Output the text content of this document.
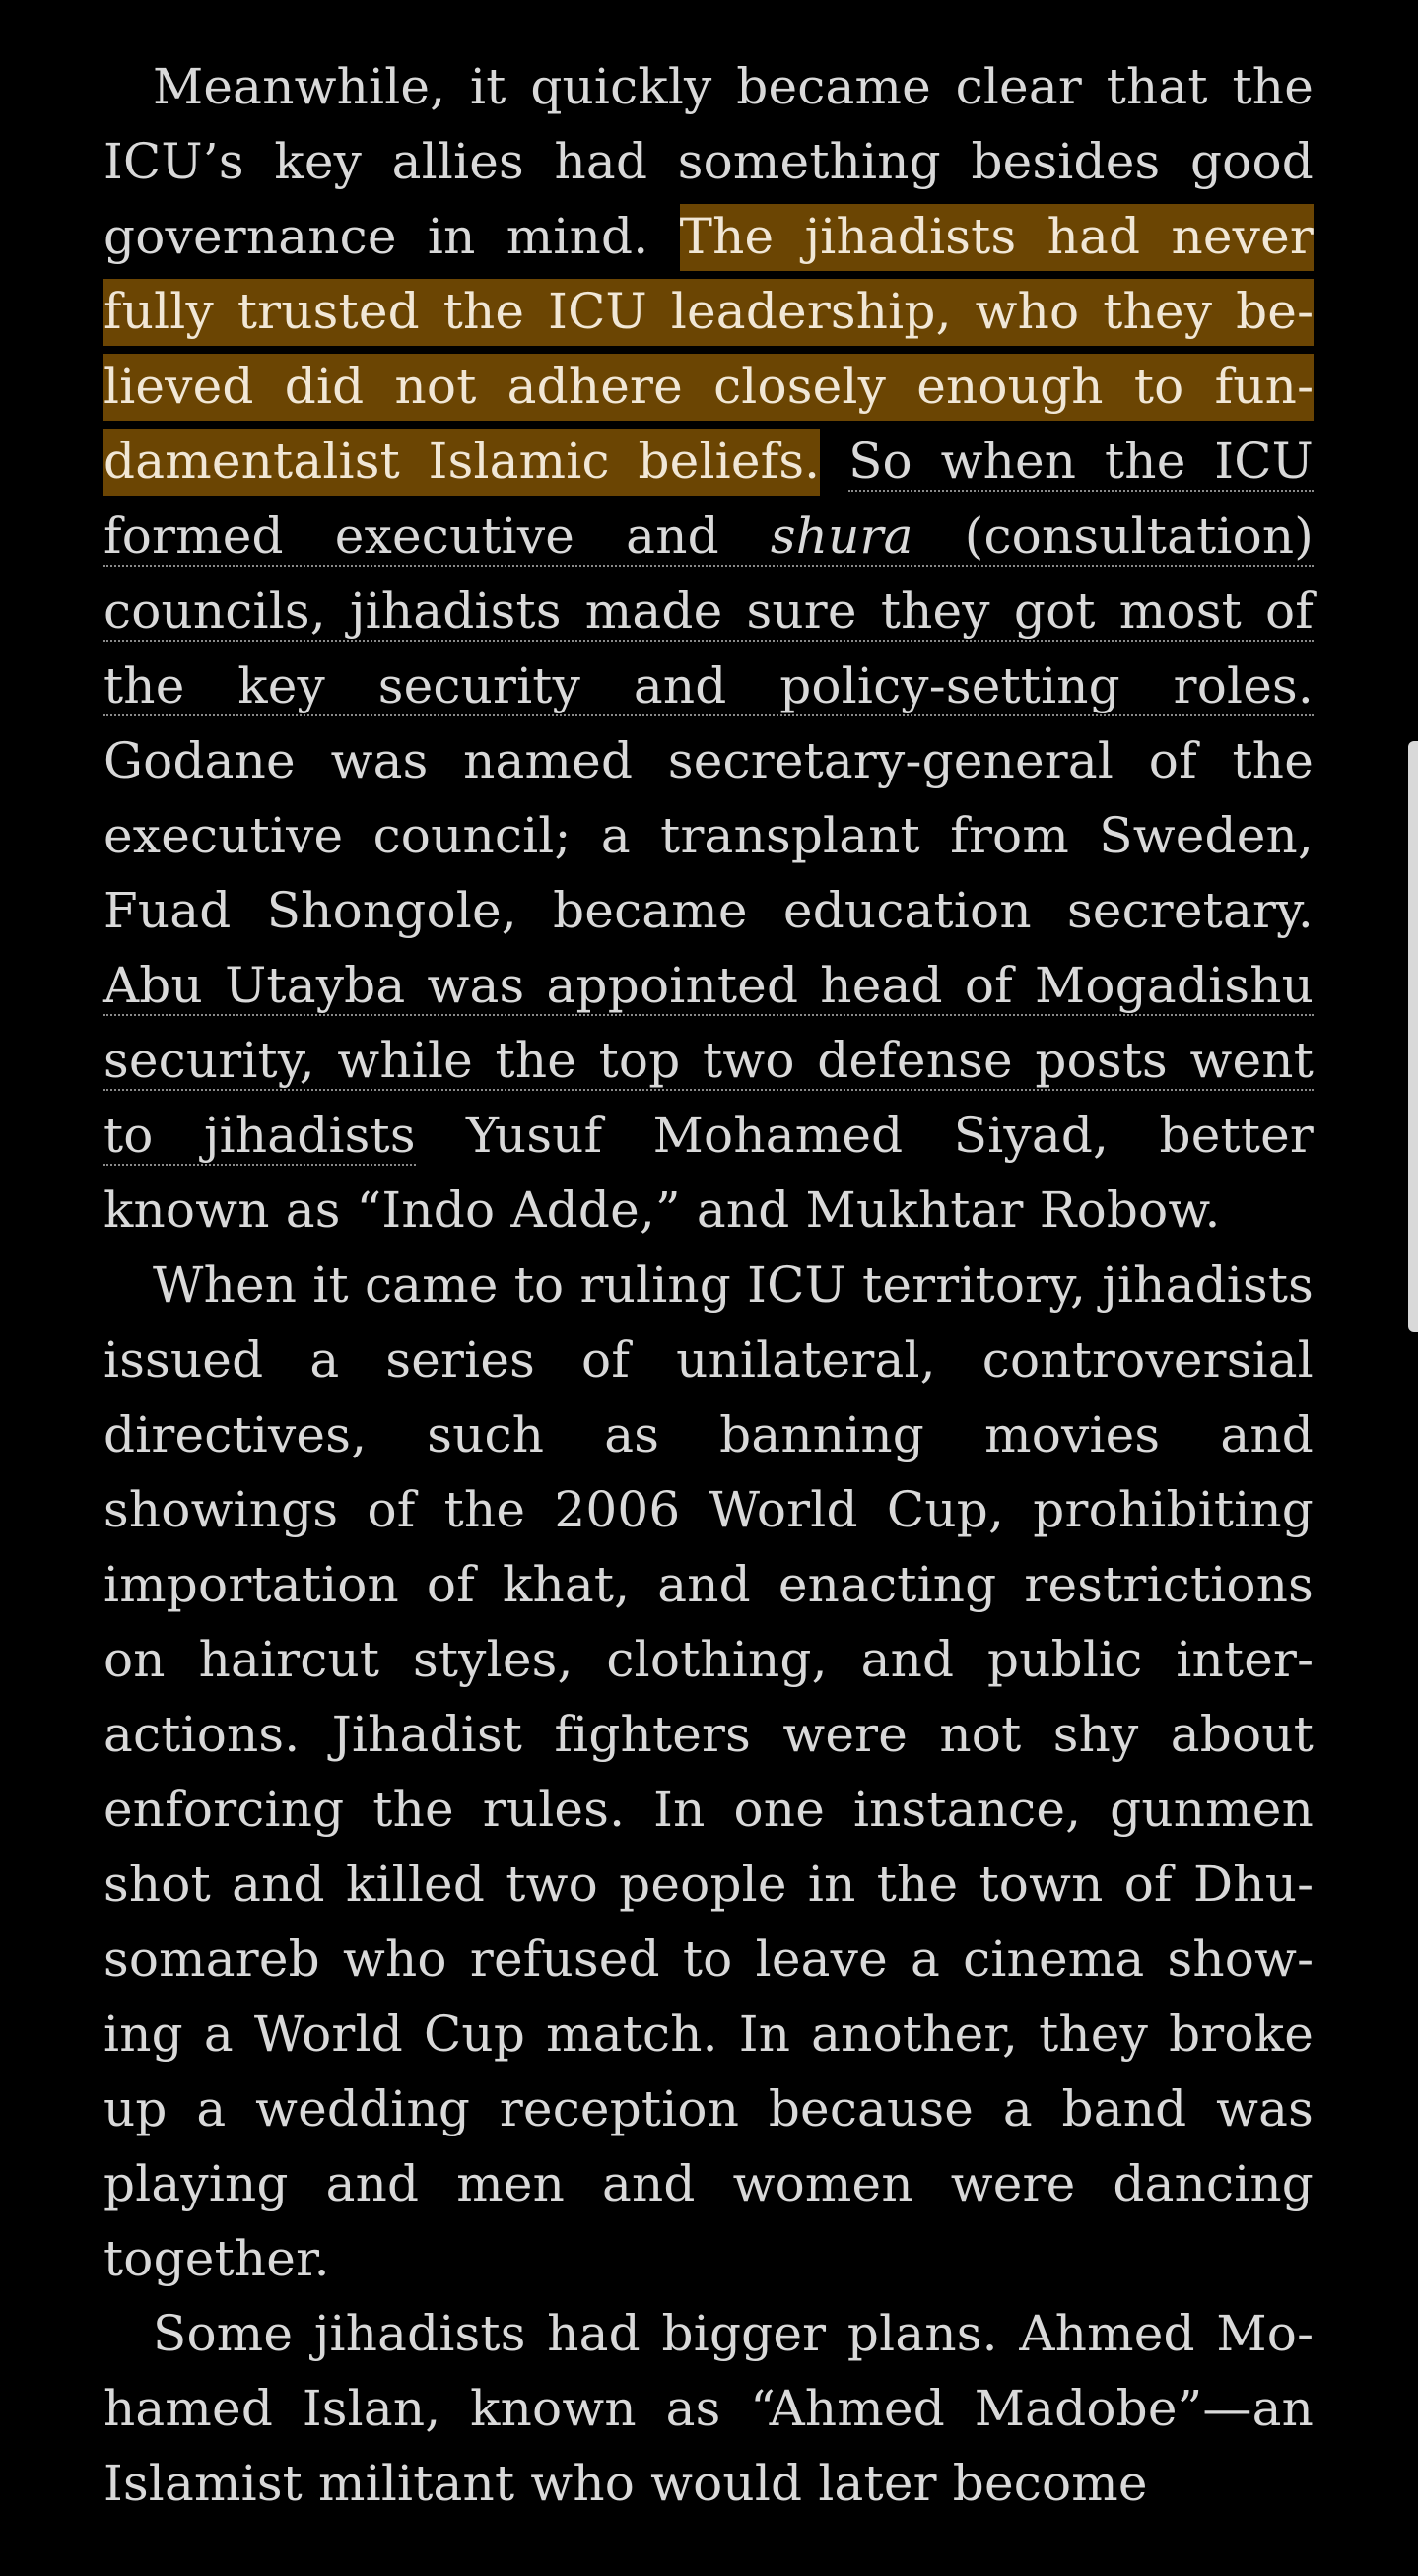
Meanwhile, it quickly became clear that the ICU’s key allies had something besides good governance in mind. The jihadists had never fully trusted the ICU leadership, who they believed did not adhere closely enough to fundamentalist Islamic beliefs. So when the ICU formed executive and shura (consultation) councils, jihadists made sure they got most of the key security and policy-setting roles. Godane was named secretary-general of the executive council; a transplant from Sweden, Fuad Shongole, became education secretary. Abu Utayba was appointed head of Mogadishu security, while the top two defense posts went to jihadists Yusuf Mohamed Siyad, better known as “Indo Adde,” and Mukhtar Robow.

When it came to ruling ICU territory, jihadists issued a series of unilateral, controversial directives, such as banning movies and showings of the 2006 World Cup, prohibiting importation of khat, and enacting restrictions on haircut styles, clothing, and public interactions. Jihadist fighters were not shy about enforcing the rules. In one instance, gunmen shot and killed two people in the town of Dhusomareb who refused to leave a cinema showing a World Cup match. In another, they broke up a wedding reception because a band was playing and men and women were dancing together.

Some jihadists had bigger plans. Ahmed Mohamed Islan, known as “Ahmed Madobe”—an Islamist militant who would later become
